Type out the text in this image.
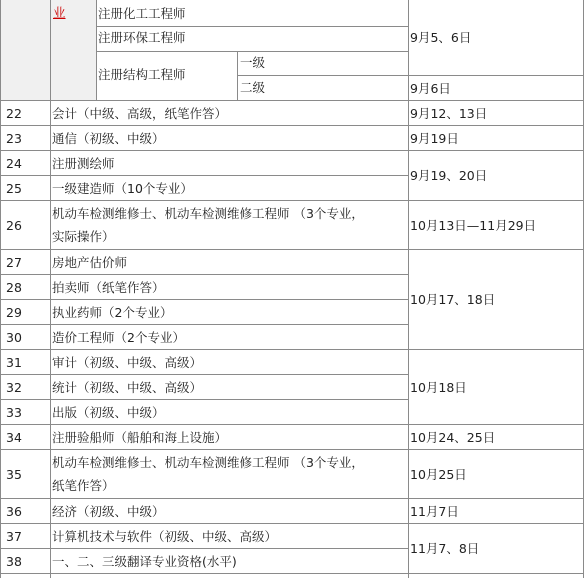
业	注册化工工程师
注册环保工程师
注册结构工程师
一级
二级
9月5、6日
9月6日
22
23
24
25
26
27
28
29
30
31
32
33
34
35
36
37
38
会计（中级、高级，纸笔作答）
通信（初级、中级）
注册测绘师
一级建造师（10个专业）
机动车检测维修士、机动车检测维修工程师 （3个专业，
实际操作）
房地产估价师
拍卖师（纸笔作答）
执业药师（2个专业）
造价工程师（2个专业）
审计（初级、中级、高级）
统计（初级、中级、高级）
出版（初级、中级）
注册验船师（船舶和海上设施）
机动车检测维修士、机动车检测维修工程师 （3个专业，
纸笔作答）
经济（初级、中级）
计算机技术与软件（初级、中级、高级）
一、二、三级翻译专业资格(水平)
9月12、13日
9月19日
9月19、20日
10月13日—11月29日
10月17、18日
10月18日
10月24、25日
10月25日
11月7日
11月7、8日
